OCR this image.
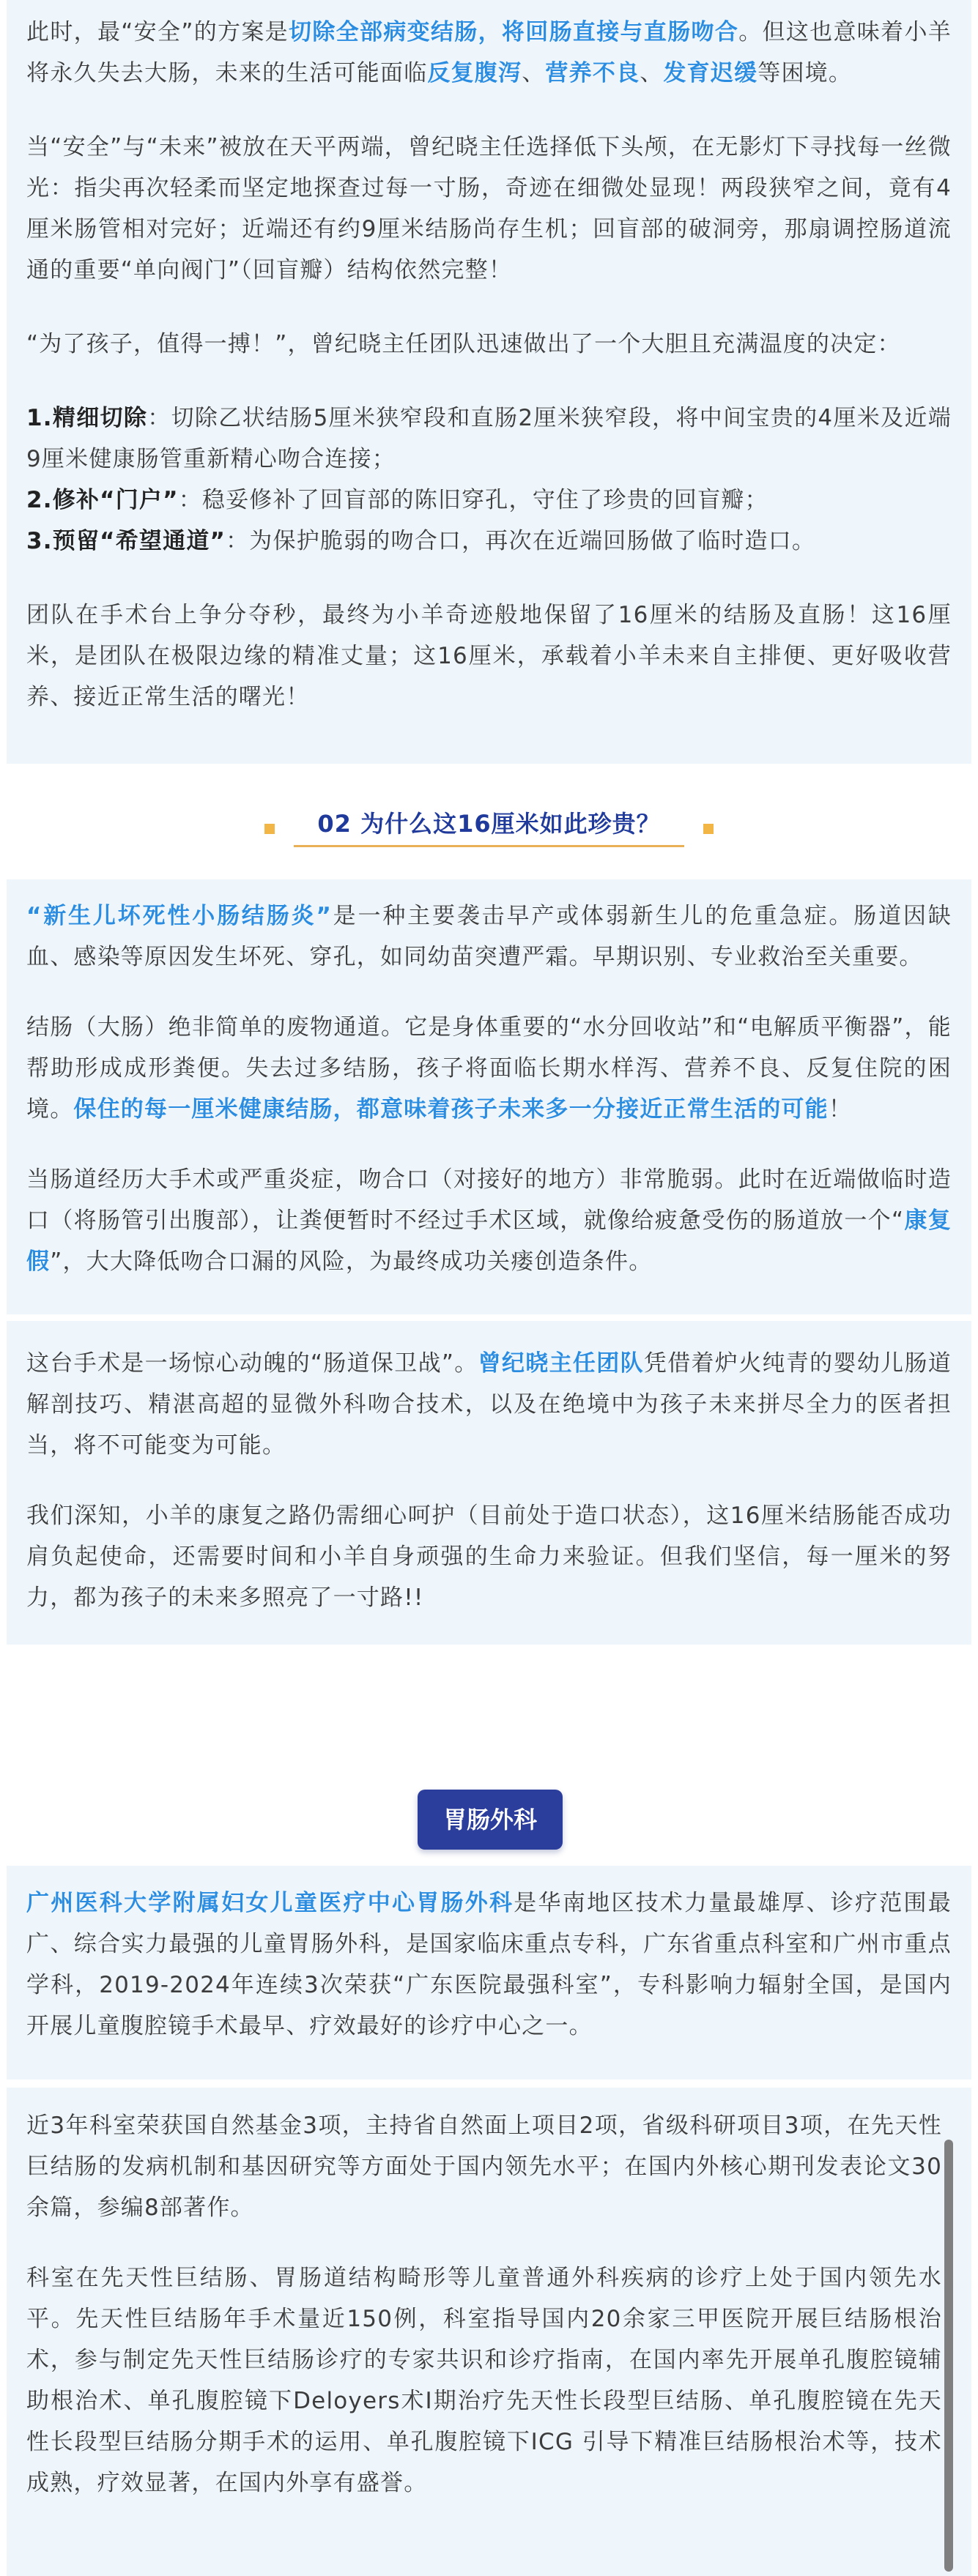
此时，最“安全”的方案是切除全部病变结肠，将回肠直接与直肠吻合。但这也意味着小羊将永久失去大肠，未来的生活可能面临反复腹泻、营养不良、发育迟缓等困境。

当“安全”与“未来”被放在天平两端，曾纪晓主任选择低下头颅，在无影灯下寻找每一丝微光：指尖再次轻柔而坚定地探查过每一寸肠，奇迹在细微处显现！两段狭窄之间，竟有4厘米肠管相对完好；近端还有约9厘米结肠尚存生机；回盲部的破洞旁，那扇调控肠道流通的重要“单向阀门”（回盲瓣）结构依然完整！

“为了孩子，值得一搏！”，曾纪晓主任团队迅速做出了一个大胆且充满温度的决定：

1.精细切除：切除乙状结肠5厘米狭窄段和直肠2厘米狭窄段，将中间宝贵的4厘米及近端9厘米健康肠管重新精心吻合连接；

2.修补“门户”：稳妥修补了回盲部的陈旧穿孔，守住了珍贵的回盲瓣；

3.预留“希望通道”：为保护脆弱的吻合口，再次在近端回肠做了临时造口。

团队在手术台上争分夺秒，最终为小羊奇迹般地保留了16厘米的结肠及直肠！这16厘米，是团队在极限边缘的精准丈量；这16厘米，承载着小羊未来自主排便、更好吸收营养、接近正常生活的曙光！

02 为什么这16厘米如此珍贵？

“新生儿坏死性小肠结肠炎”是一种主要袭击早产或体弱新生儿的危重急症。肠道因缺血、感染等原因发生坏死、穿孔，如同幼苗突遭严霜。早期识别、专业救治至关重要。

结肠（大肠）绝非简单的废物通道。它是身体重要的“水分回收站”和“电解质平衡器”，能帮助形成成形粪便。失去过多结肠，孩子将面临长期水样泻、营养不良、反复住院的困境。保住的每一厘米健康结肠，都意味着孩子未来多一分接近正常生活的可能！

当肠道经历大手术或严重炎症，吻合口（对接好的地方）非常脆弱。此时在近端做临时造口（将肠管引出腹部），让粪便暂时不经过手术区域，就像给疲惫受伤的肠道放一个“康复假”，大大降低吻合口漏的风险，为最终成功关瘘创造条件。

这台手术是一场惊心动魄的“肠道保卫战”。曾纪晓主任团队凭借着炉火纯青的婴幼儿肠道解剖技巧、精湛高超的显微外科吻合技术，以及在绝境中为孩子未来拼尽全力的医者担当，将不可能变为可能。

我们深知，小羊的康复之路仍需细心呵护（目前处于造口状态），这16厘米结肠能否成功肩负起使命，还需要时间和小羊自身顽强的生命力来验证。但我们坚信，每一厘米的努力，都为孩子的未来多照亮了一寸路!!

胃肠外科

广州医科大学附属妇女儿童医疗中心胃肠外科是华南地区技术力量最雄厚、诊疗范围最广、综合实力最强的儿童胃肠外科，是国家临床重点专科，广东省重点科室和广州市重点学科，2019-2024年连续3次荣获“广东医院最强科室”，专科影响力辐射全国，是国内开展儿童腹腔镜手术最早、疗效最好的诊疗中心之一。

近3年科室荣获国自然基金3项，主持省自然面上项目2项，省级科研项目3项，在先天性巨结肠的发病机制和基因研究等方面处于国内领先水平；在国内外核心期刊发表论文30余篇，参编8部著作。

科室在先天性巨结肠、胃肠道结构畸形等儿童普通外科疾病的诊疗上处于国内领先水平。先天性巨结肠年手术量近150例，科室指导国内20余家三甲医院开展巨结肠根治术，参与制定先天性巨结肠诊疗的专家共识和诊疗指南，在国内率先开展单孔腹腔镜辅助根治术、单孔腹腔镜下Deloyers术Ⅰ期治疗先天性长段型巨结肠、单孔腹腔镜在先天性长段型巨结肠分期手术的运用、单孔腹腔镜下ICG 引导下精准巨结肠根治术等，技术成熟，疗效显著，在国内外享有盛誉。
